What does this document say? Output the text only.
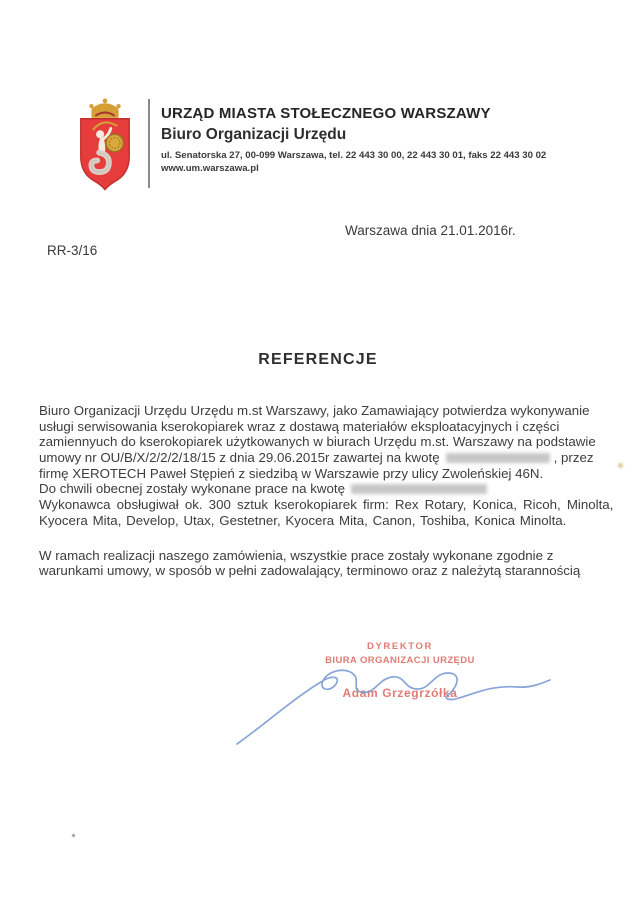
URZĄD MIASTA STOŁECZNEGO WARSZAWY
Biuro Organizacji Urzędu
ul. Senatorska 27, 00-099 Warszawa, tel. 22 443 30 00, 22 443 30 01, faks 22 443 30 02
www.um.warszawa.pl
Warszawa dnia 21.01.2016r.
RR-3/16
REFERENCJE
Biuro Organizacji Urzędu Urzędu m.st Warszawy, jako Zamawiający potwierdza wykonywanie
usługi serwisowania kserokopiarek wraz z dostawą materiałów eksploatacyjnych i części
zamiennyuch do kserokopiarek użytkowanych w biurach Urzędu m.st. Warszawy na podstawie
umowy nr OU/B/X/2/2/2/18/15 z dnia 29.06.2015r zawartej na kwotę	, przez
firmę XEROTECH Paweł Stępień z siedzibą w Warszawie przy ulicy Zwoleńskiej 46N.
Do chwili obecnej zostały wykonane prace na kwotę
Wykonawca obsługiwał ok. 300 sztuk kserokopiarek firm: Rex Rotary, Konica, Ricoh, Minolta,
Kyocera Mita, Develop, Utax, Gestetner, Kyocera Mita, Canon, Toshiba, Konica Minolta.
W ramach realizacji naszego zamówienia, wszystkie prace zostały wykonane zgodnie z
warunkami umowy, w sposób w pełni zadowalający, terminowo oraz z należytą starannością
DYREKTOR
BIURA ORGANIZACJI URZĘDU
Adam Grzegrzółka
